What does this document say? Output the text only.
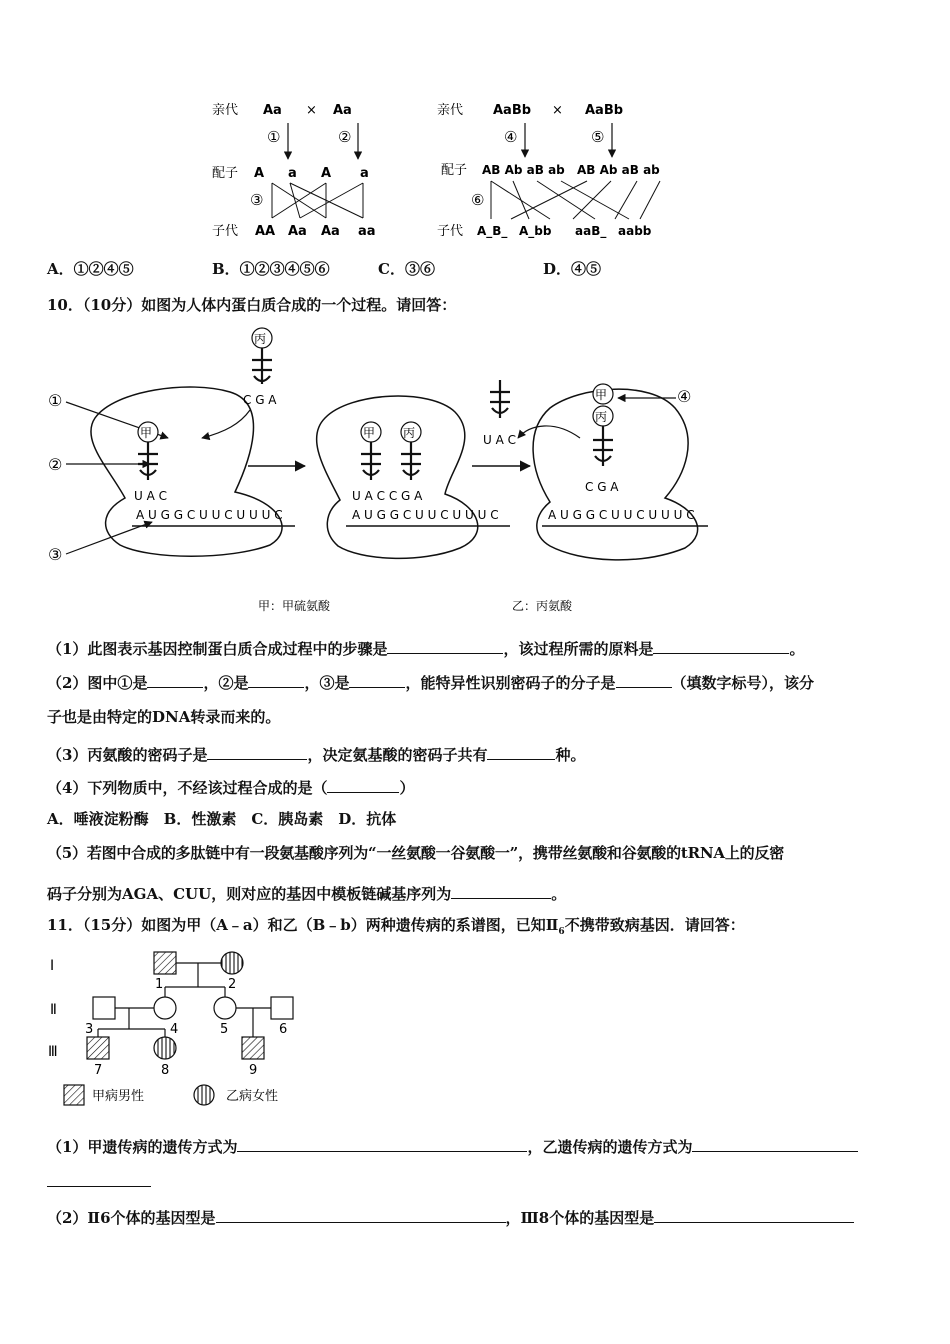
亲代 Aa × Aa
①	②
配子 A a A a
③
子代 AA Aa Aa aa
亲代 AaBb × AaBb
④	⑤
配子 AB Ab aB ab AB Ab aB ab
⑥
子代 A_B_ A_bb aaB_ aabb
A．①②④⑤	B．①②③④⑤⑥	C．③⑥	D．④⑤
10．（10分）如图为人体内蛋白质合成的一个过程。请回答：
①
②
③
④
甲
U A C
丙
C G A
A U G G C U U C U U U C
甲 丙
U A C C G A
A U G G C U U C U U U C
U A C
甲
丙
C G A
A U G G C U U C U U U C
甲：甲硫氨酸	乙：丙氨酸
（1）此图表示基因控制蛋白质合成过程中的步骤是	，该过程所需的原料是	。
（2）图中①是	，②是	，③是	，能特异性识别密码子的分子是	（填数字标号），该分
子也是由特定的DNA转录而来的。
（3）丙氨酸的密码子是	，决定氨基酸的密码子共有	种。
（4）下列物质中，不经该过程合成的是（	）
A．唾液淀粉酶　B．性激素　C．胰岛素　D．抗体
（5）若图中合成的多肽链中有一段氨基酸序列为“一丝氨酸一谷氨酸一”，携带丝氨酸和谷氨酸的tRNA上的反密
码子分别为AGA、CUU，则对应的基因中模板链碱基序列为	。
11．（15分）如图为甲（A﹣a）和乙（B﹣b）两种遗传病的系谱图，已知$Ⅱ_6$不携带致病基因．请回答：
Ⅰ
Ⅱ
Ⅲ
1	2
3	4	5	6
7	8	9
甲病男性	乙病女性
（1）甲遗传病的遗传方式为	，乙遗传病的遗传方式为
（2）Ⅱ6个体的基因型是	，Ⅲ8个体的基因型是
